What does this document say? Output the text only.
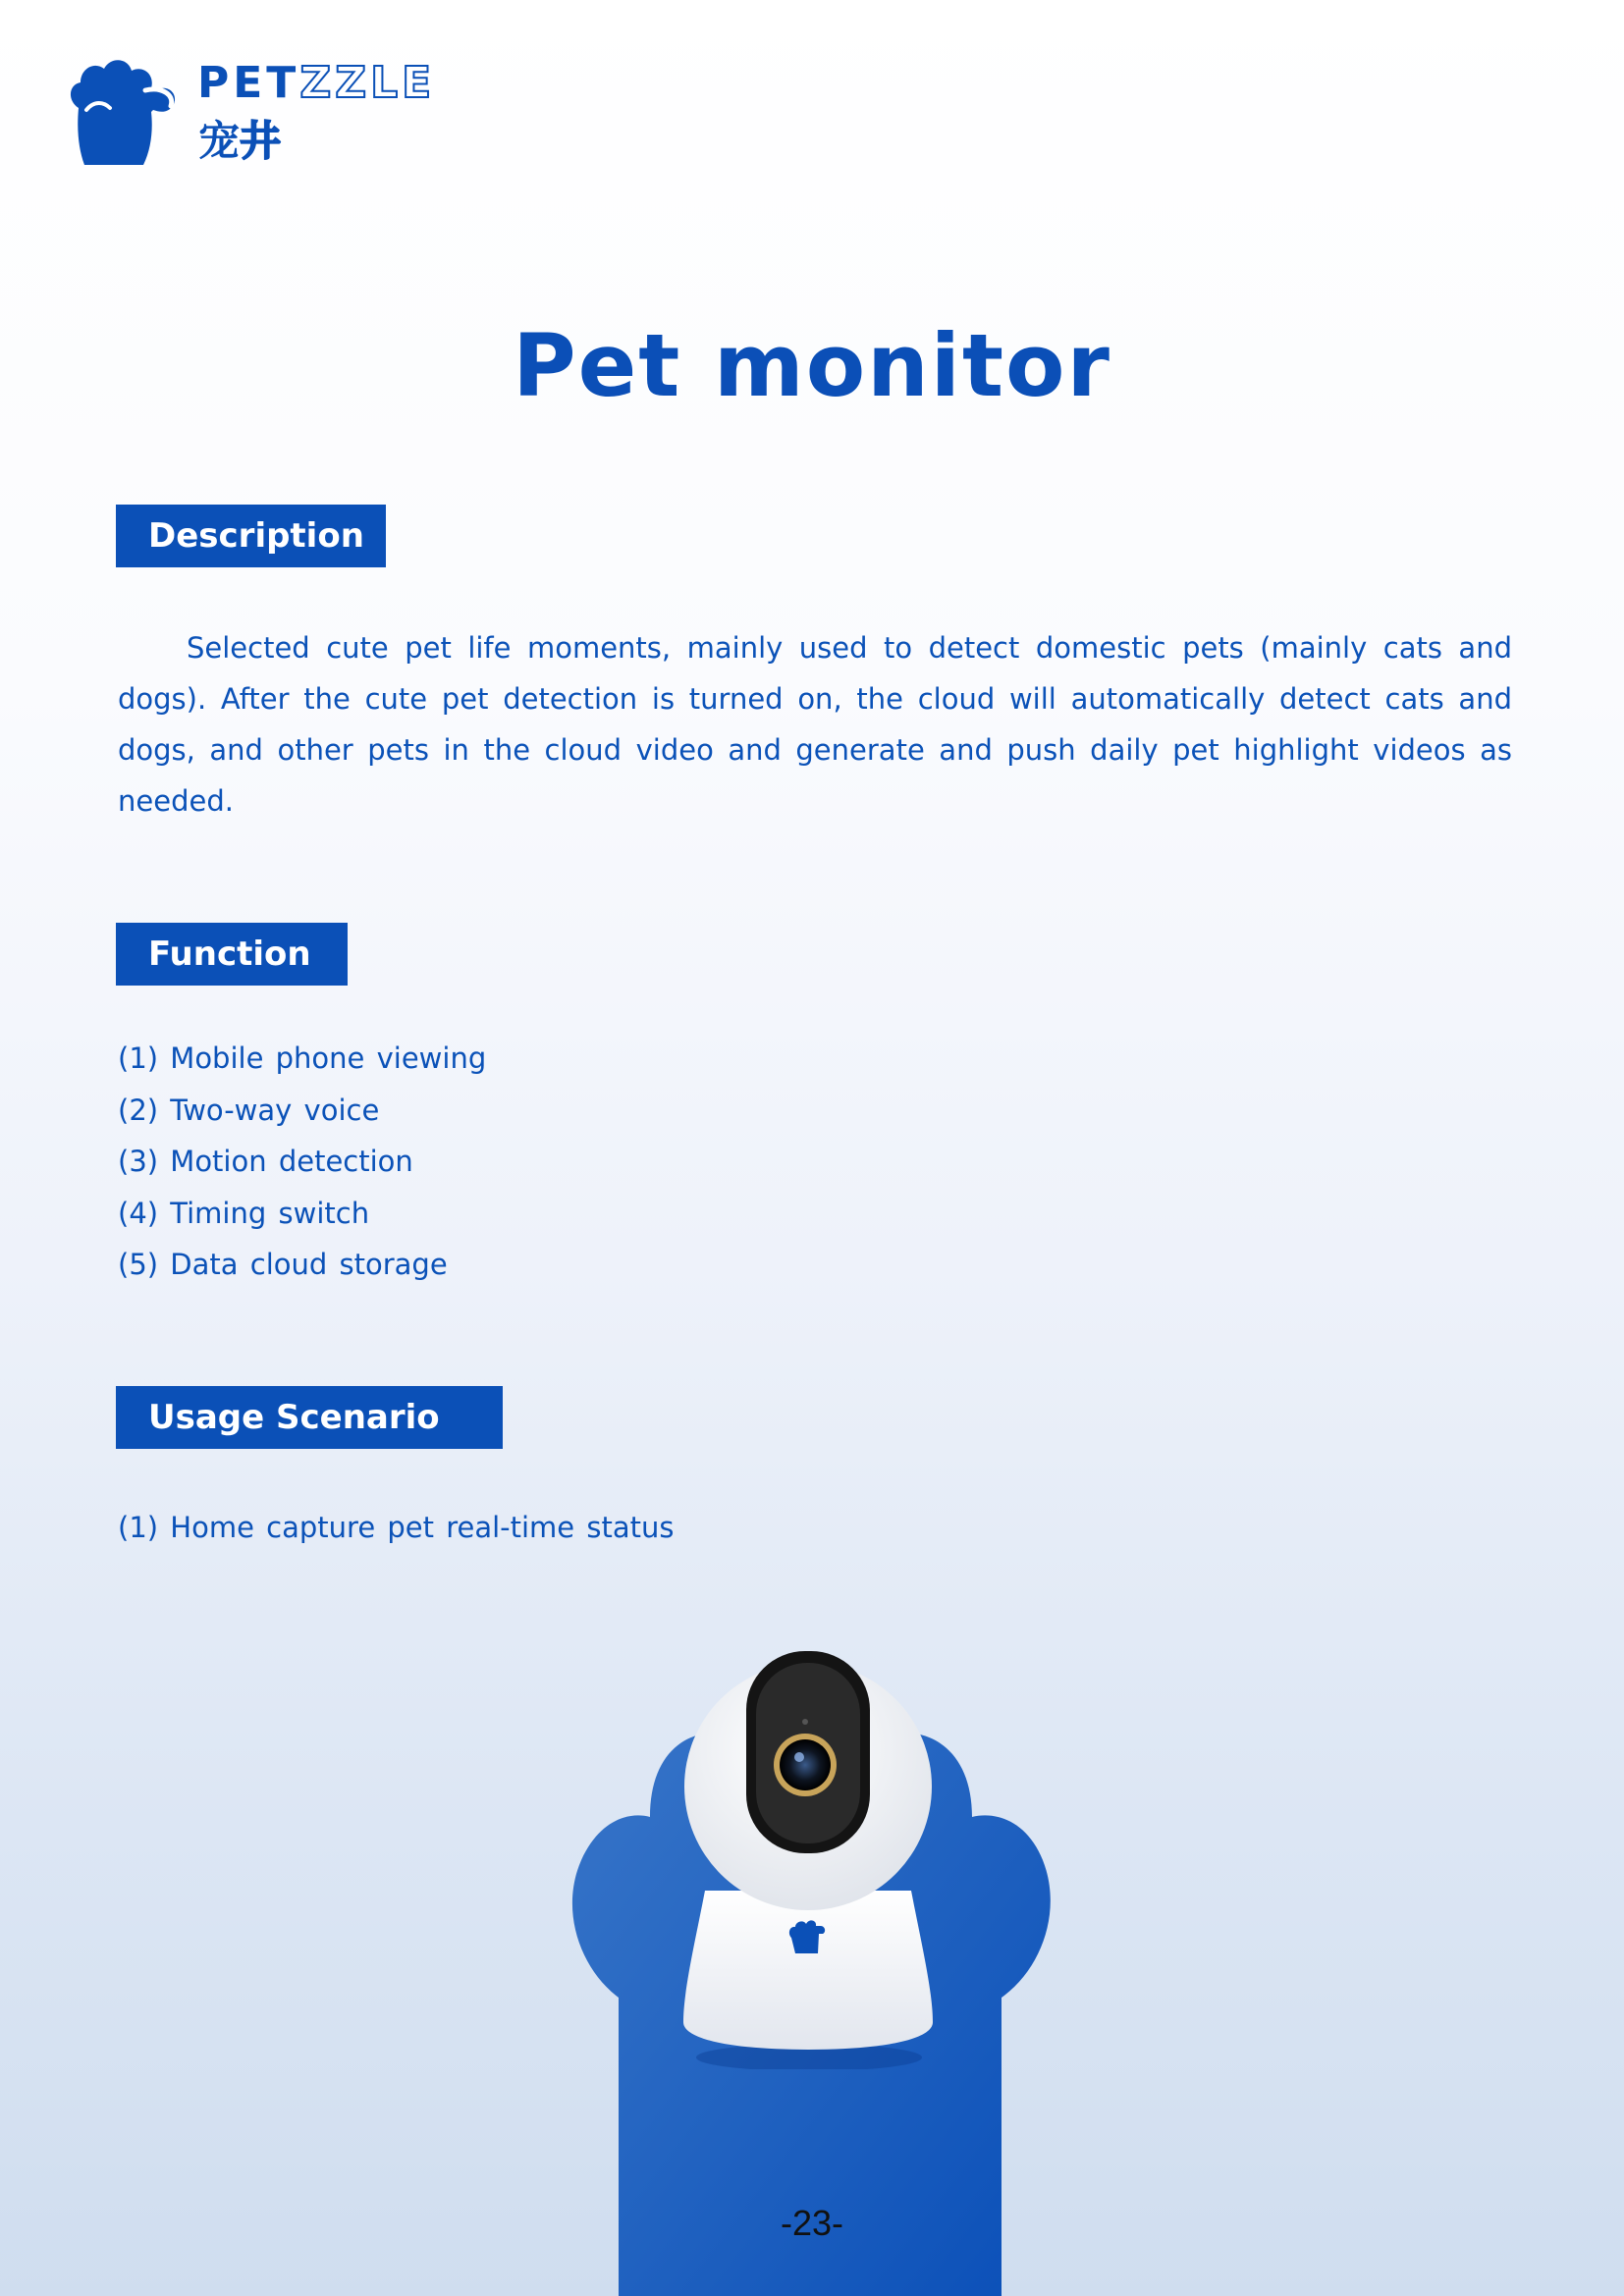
PETZZLE

宠井

Pet monitor
Description

Selected cute pet life moments, mainly used to detect domestic pets (mainly cats and dogs). After the cute pet detection is turned on, the cloud will automatically detect cats and dogs, and other pets in the cloud video and generate and push daily pet highlight videos as needed.

Function
(1) Mobile phone viewing
(2) Two-way voice
(3) Motion detection
(4) Timing switch
(5) Data cloud storage
Usage Scenario
(1) Home capture pet real-time status

-23-
